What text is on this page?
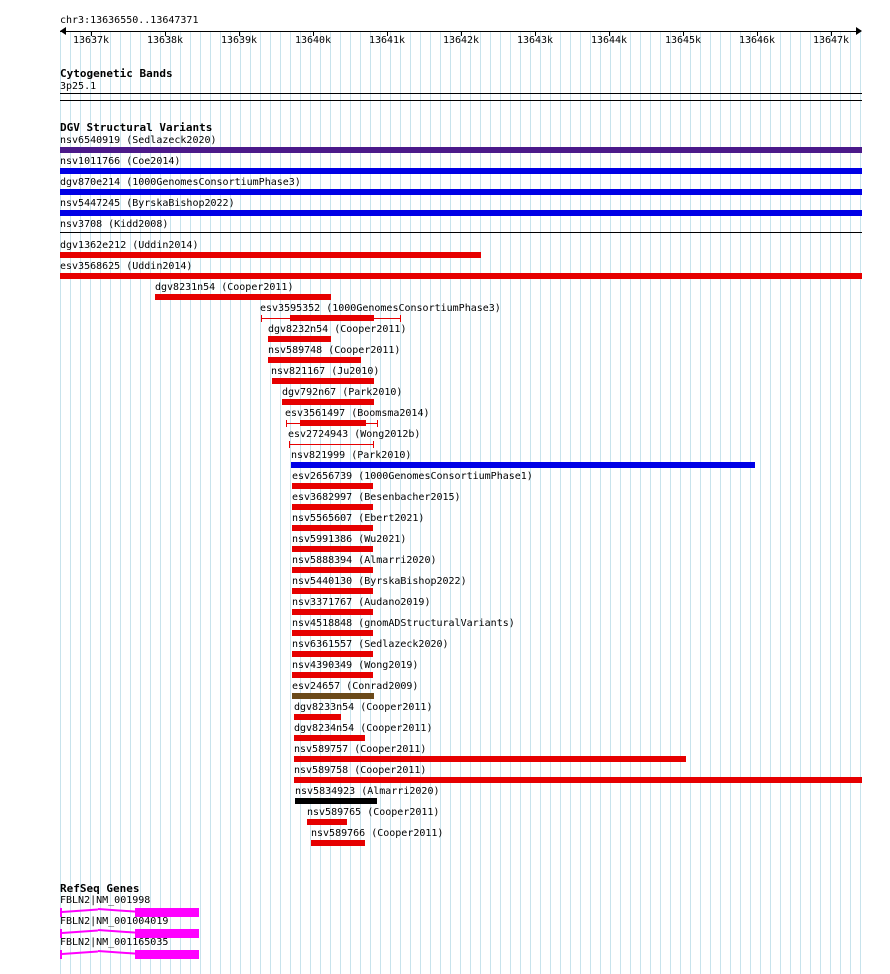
chr3:13636550..13647371
13637k	13638k	13639k	13640k	13641k	13642k	13643k	13644k	13645k	13646k	13647k
Cytogenetic Bands
3p25.1
DGV Structural Variants
nsv6540919 (Sedlazeck2020)
nsv1011766 (Coe2014)
dgv870e214 (1000GenomesConsortiumPhase3)
nsv5447245 (ByrskaBishop2022)
nsv3708 (Kidd2008)
dgv1362e212 (Uddin2014)
esv3568625 (Uddin2014)
dgv8231n54 (Cooper2011)
esv3595352 (1000GenomesConsortiumPhase3)
dgv8232n54 (Cooper2011)
nsv589748 (Cooper2011)
nsv821167 (Ju2010)
dgv792n67 (Park2010)
esv3561497 (Boomsma2014)
esv2724943 (Wong2012b)
nsv821999 (Park2010)
esv2656739 (1000GenomesConsortiumPhase1)
esv3682997 (Besenbacher2015)
nsv5565607 (Ebert2021)
nsv5991386 (Wu2021)
nsv5888394 (Almarri2020)
nsv5440130 (ByrskaBishop2022)
nsv3371767 (Audano2019)
nsv4518848 (gnomADStructuralVariants)
nsv6361557 (Sedlazeck2020)
nsv4390349 (Wong2019)
esv24657 (Conrad2009)
dgv8233n54 (Cooper2011)
dgv8234n54 (Cooper2011)
nsv589757 (Cooper2011)
nsv589758 (Cooper2011)
nsv5834923 (Almarri2020)
nsv589765 (Cooper2011)
nsv589766 (Cooper2011)
RefSeq Genes
FBLN2|NM_001998
FBLN2|NM_001004019
FBLN2|NM_001165035
